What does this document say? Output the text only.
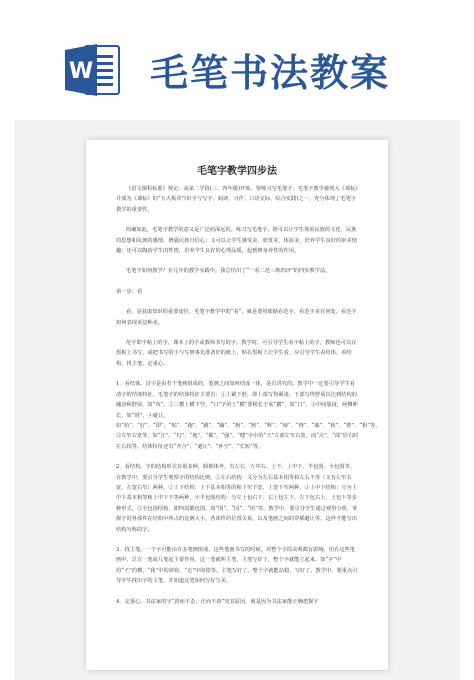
W 毛笔书法教案
毛笔字教学四步法

《语文课程标准》规定：从第二学段(三、四年级)开始，要练习写毛笔字。毛笔字教学被列入《课标》并成为《课标》的“五大板块”(识字与写字、阅读、习作、口语交际、综合实践)之一，充分体现了毛笔字教学的重要性。

的确如此，毛笔字教学的意义是广泛而深远的。练习写毛笔字，既可以让学生体验民族的文化、民族的思想和民族的感情，增强民族自信心；又可以让学生感受美、欣赏美、体验美，培养学生良好的审美情趣；还可以陶冶学生的性情，培养学生良好的心理品质，起到修身养性的作用。

毛笔字如何教学？在几年的教学实践中，我总结出了“一看二范三练四评”的四步教学法。

第一步：看

看，是获取知识的重要途径。毛笔字教学中的“看”，就是要用眼睛看范字，看范字美在何处，看范字如何表现美这种美。

范字即字帖上的字，课本上的字或教师书写的字。教学时，可引导学生看字帖上的字，教师也可以在黑板上书写，或把书写的字与写到事先准备好的纸上，贴在黑板上让学生看。应引导学生看结体、看结构、找主笔、定重心。

1．看结体。汉字是由若干笔画组成的，笔画之间如何结成一体，是有讲究的。教学中一定要引导学生看清字的结体特征。毛笔字的结体特征主要有：①上紧下舒，即上部写得紧凑，下部写得舒展以达到结构的融洽和舒展，如“布”，②三横上横下竖，“口”字的上“横”要稍长于底“横”，如“日”，③中间靠拢，两侧伸长，如“班”，④避让，如“始”、“好”、“即”、“贴”、“跑”、“跳”、“蹦”、“狗”、“熙”、“辉”、“缔”、“绕”、“邮”、“和”、“群”、“相”等，⑤左窄右宽等，如“江”、“灯”、“地”、“都”、“强”、“健”字中的“王”左部左窄右宽，而“点”、“部”居右时左右相等，结体特征还有“开合”、“避让”、“补空”、“长短”等。

2．看结构。字的结构形式有很多种，除独体外，有左右、左中右、上下、上中下、半包围、全包围等。在教学中，要引导学生观察字的结构比例。①左右结构：又分为左右基本相等和左右不等（又有左窄右宽、左宽右窄）两种，②上下结构：上下基本相等的和上窄下宽、上宽下窄两种，③上中下结构：分为上中下基本相等和上中下不等两种，④半包围结构：分左上包右下、右上包左下、左下包右上、上包下等多种形式，⑤全包围结构，即四周都包围，如“国”、“园”、“团”等。教学中，要引导学生通过观察分析，掌握字的各部件在结构中所占的比例大小，各部件的位置关系，以及笔画之间的穿插避让等，这样才能写出结构匀称的字。

3．找主笔。一个字可能由许多笔画组成，这些笔画书写的时候，对整个字的美观都有影响。但在这些笔画中，总有一笔或几笔起主要作用，这一笔就叫主笔，主笔写好了，整个字就能立起来。如“字”中的“子”的横，“我”中的斜钩，“走”中的捺等。主笔写好了，整个字就能站稳，写好了。教学中，要重点引导学生找出字的主笔，并知道这笔如何写好写美。

4．定重心。书法家的字“斜而不歪，正而不斜”究其原因，就是因为书法家能正确把握字
